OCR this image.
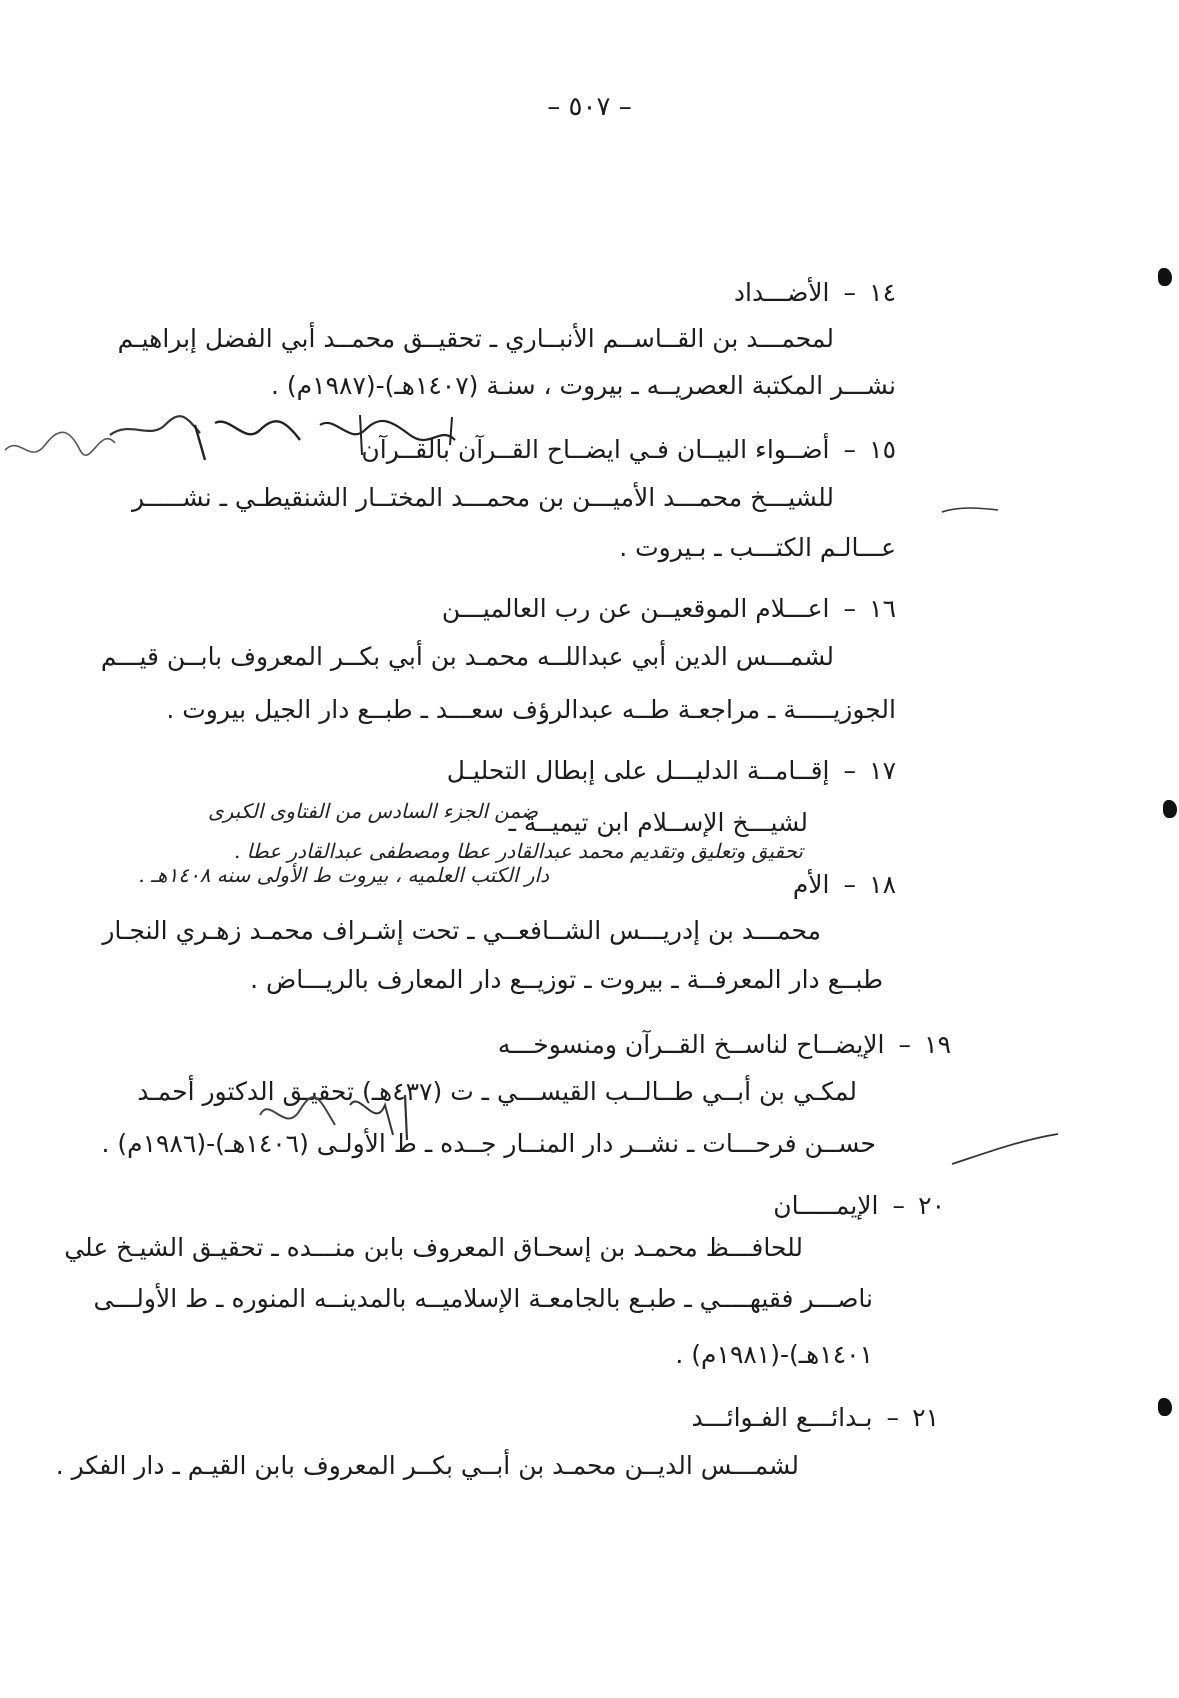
– ٥٠٧ –
١٤–الأضـــداد
لمحمـــد بن القــاســم الأنبــاري ـ تحقيــق محمــد أبي الفضل إبراهيـم
نشـــر المكتبة العصريــه ـ بيروت ، سنـة (١٤٠٧هـ)-(١٩٨٧م) .
١٥–أضــواء البيــان فـي ايضــاح القــرآن بالقــرآن
للشيـــخ محمـــد الأميـــن بن محمـــد المختــار الشنقيطـي ـ نشـــــر
عـــالـم الكتـــب ـ بـيروت .
١٦–اعـــلام الموقعيــن عن رب العالميـــن
لشمـــس الدين أبي عبداللــه محمـد بن أبي بكــر المعروف بابــن قيـــم
الجوزيـــــة ـ مراجعـة طــه عبدالرؤف سعـــد ـ طبــع دار الجيل بيروت .
١٧–إقــامــة الدليـــل على إبطال التحليـل
لشيـــخ الإســلام ابن تيميــة ـ
ضمن الجزء السادس من الفتاوى الكبرى
تحقيق وتعليق وتقديم محمد عبدالقادر عطا ومصطفى عبدالقادر عطا .
دار الكتب العلميه ، بيروت ط الأولى سنه ١٤٠٨هـ .	١٨–الأم
محمـــد بن إدريـــس الشــافعــي ـ تحت إشـراف محمـد زهـري النجـار
طبــع دار المعرفــة ـ بيروت ـ توزيــع دار المعارف بالريـــاض .
١٩–الإيضــاح لناســخ القــرآن ومنسوخـــه
لمكـي بن أبــي طــالــب القيســـي ـ ت (٤٣٧هـ) تحقيـق الدكتور أحمـد
حســن فرحـــات ـ نشــر دار المنــار جــده ـ ط الأولـى (١٤٠٦هـ)-(١٩٨٦م) .
٢٠–الإيمـــــان
للحافـــظ محمـد بن إسحـاق المعروف بابن منـــده ـ تحقيـق الشيـخ علي
ناصـــر فقيهــــي ـ طبـع بالجامعـة الإسلاميــه بالمدينــه المنوره ـ ط الأولـــى
١٤٠١هـ)-(١٩٨١م) .
٢١–بـدائـــع الفـوائـــد
لشمـــس الديــن محمـد بن أبــي بكــر المعروف بابن القيـم ـ دار الفكر .
